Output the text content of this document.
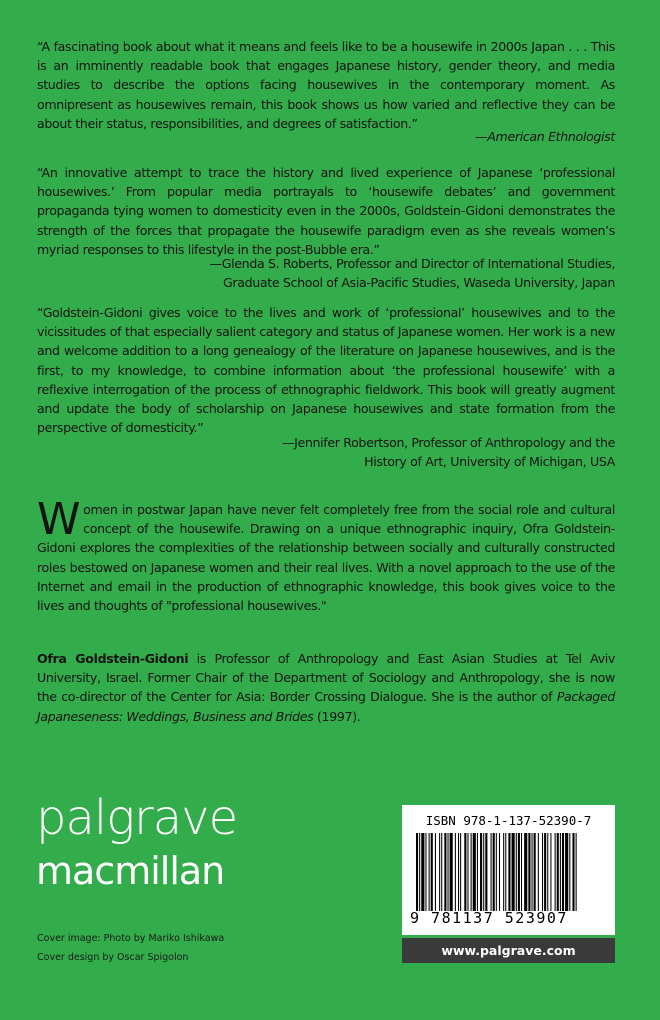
“A fascinating book about what it means and feels like to be a housewife in 2000s Japan . . . This is an imminently readable book that engages Japanese history, gender theory, and media studies to describe the options facing housewives in the contemporary moment. As omnipresent as housewives remain, this book shows us how varied and reflective they can be about their status, responsibilities, and degrees of satisfaction.”

—American Ethnologist

“An innovative attempt to trace the history and lived experience of Japanese ‘professional housewives.’ From popular media portrayals to ‘housewife debates’ and government propaganda tying women to domesticity even in the 2000s, Goldstein-Gidoni demonstrates the strength of the forces that propagate the housewife paradigm even as she reveals women’s myriad responses to this lifestyle in the post-Bubble era.”

—Glenda S. Roberts, Professor and Director of International Studies,
Graduate School of Asia-Pacific Studies, Waseda University, Japan

“Goldstein-Gidoni gives voice to the lives and work of ‘professional’ housewives and to the vicissitudes of that especially salient category and status of Japanese women. Her work is a new and welcome addition to a long genealogy of the literature on Japanese housewives, and is the first, to my knowledge, to combine information about ‘the professional housewife’ with a reflexive interrogation of the process of ethnographic fieldwork. This book will greatly augment and update the body of scholarship on Japanese housewives and state formation from the perspective of domesticity.”

—Jennifer Robertson, Professor of Anthropology and the
History of Art, University of Michigan, USA

Women in postwar Japan have never felt completely free from the social role and cultural concept of the housewife. Drawing on a unique ethnographic inquiry, Ofra Goldstein-Gidoni explores the complexities of the relationship between socially and culturally constructed roles bestowed on Japanese women and their real lives. With a novel approach to the use of the Internet and email in the production of ethnographic knowledge, this book gives voice to the lives and thoughts of "professional housewives."

Ofra Goldstein-Gidoni is Professor of Anthropology and East Asian Studies at Tel Aviv University, Israel. Former Chair of the Department of Sociology and Anthropology, she is now the co-director of the Center for Asia: Border Crossing Dialogue. She is the author of Packaged Japaneseness: Weddings, Business and Brides (1997).

palgrave
macmillan
Cover image: Photo by Mariko Ishikawa
Cover design by Oscar Spigolon
ISBN 978-1-137-52390-7
9 781137 523907
www.palgrave.com
